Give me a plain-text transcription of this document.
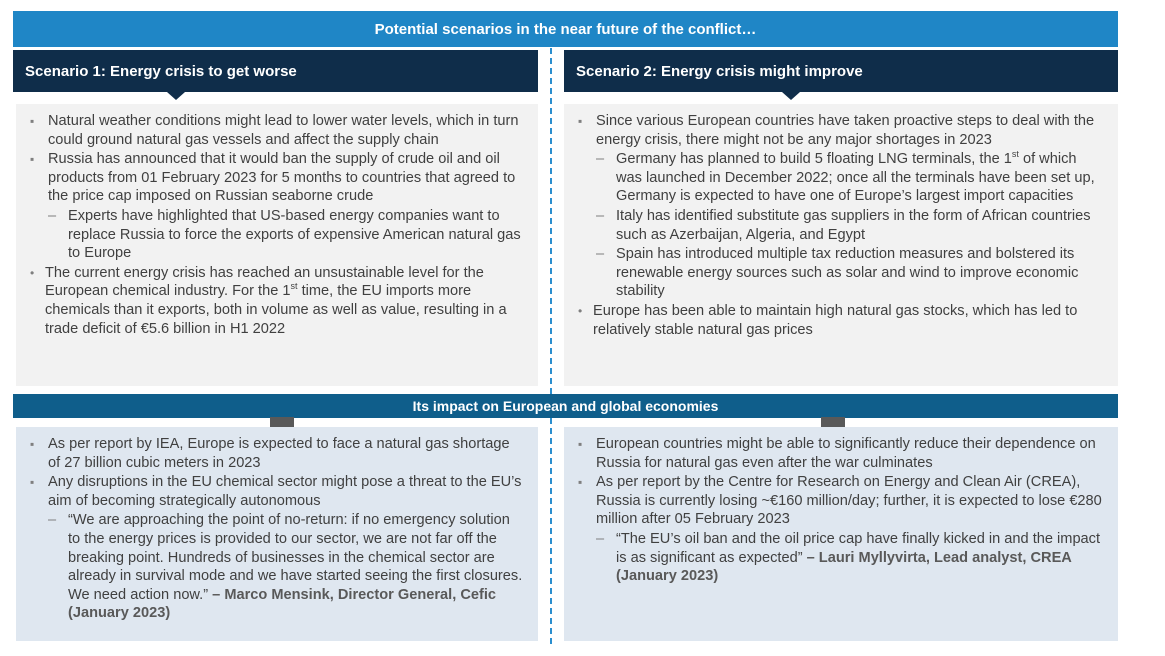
Potential scenarios in the near future of the conflict…
Scenario 1: Energy crisis to get worse	Scenario 2: Energy crisis might improve
▪ Natural weather conditions might lead to lower water levels, which in turn could ground natural gas vessels and affect the supply chain
▪ Russia has announced that it would ban the supply of crude oil and oil products from 01 February 2023 for 5 months to countries that agreed to the price cap imposed on Russian seaborne crude
– Experts have highlighted that US-based energy companies want to replace Russia to force the exports of expensive American natural gas to Europe
• The current energy crisis has reached an unsustainable level for the European chemical industry. For the 1st time, the EU imports more chemicals than it exports, both in volume as well as value, resulting in a trade deficit of €5.6 billion in H1 2022
▪ Since various European countries have taken proactive steps to deal with the energy crisis, there might not be any major shortages in 2023
– Germany has planned to build 5 floating LNG terminals, the 1st of which was launched in December 2022; once all the terminals have been set up, Germany is expected to have one of Europe’s largest import capacities
– Italy has identified substitute gas suppliers in the form of African countries such as Azerbaijan, Algeria, and Egypt
– Spain has introduced multiple tax reduction measures and bolstered its renewable energy sources such as solar and wind to improve economic stability
• Europe has been able to maintain high natural gas stocks, which has led to relatively stable natural gas prices
Its impact on European and global economies
▪ As per report by IEA, Europe is expected to face a natural gas shortage of 27 billion cubic meters in 2023
▪ Any disruptions in the EU chemical sector might pose a threat to the EU’s aim of becoming strategically autonomous
– “We are approaching the point of no-return: if no emergency solution to the energy prices is provided to our sector, we are not far off the breaking point. Hundreds of businesses in the chemical sector are already in survival mode and we have started seeing the first closures. We need action now.” – Marco Mensink, Director General, Cefic (January 2023)
▪ European countries might be able to significantly reduce their dependence on Russia for natural gas even after the war culminates
▪ As per report by the Centre for Research on Energy and Clean Air (CREA), Russia is currently losing ~€160 million/day; further, it is expected to lose €280 million after 05 February 2023
– “The EU’s oil ban and the oil price cap have finally kicked in and the impact is as significant as expected” – Lauri Myllyvirta, Lead analyst, CREA (January 2023)
